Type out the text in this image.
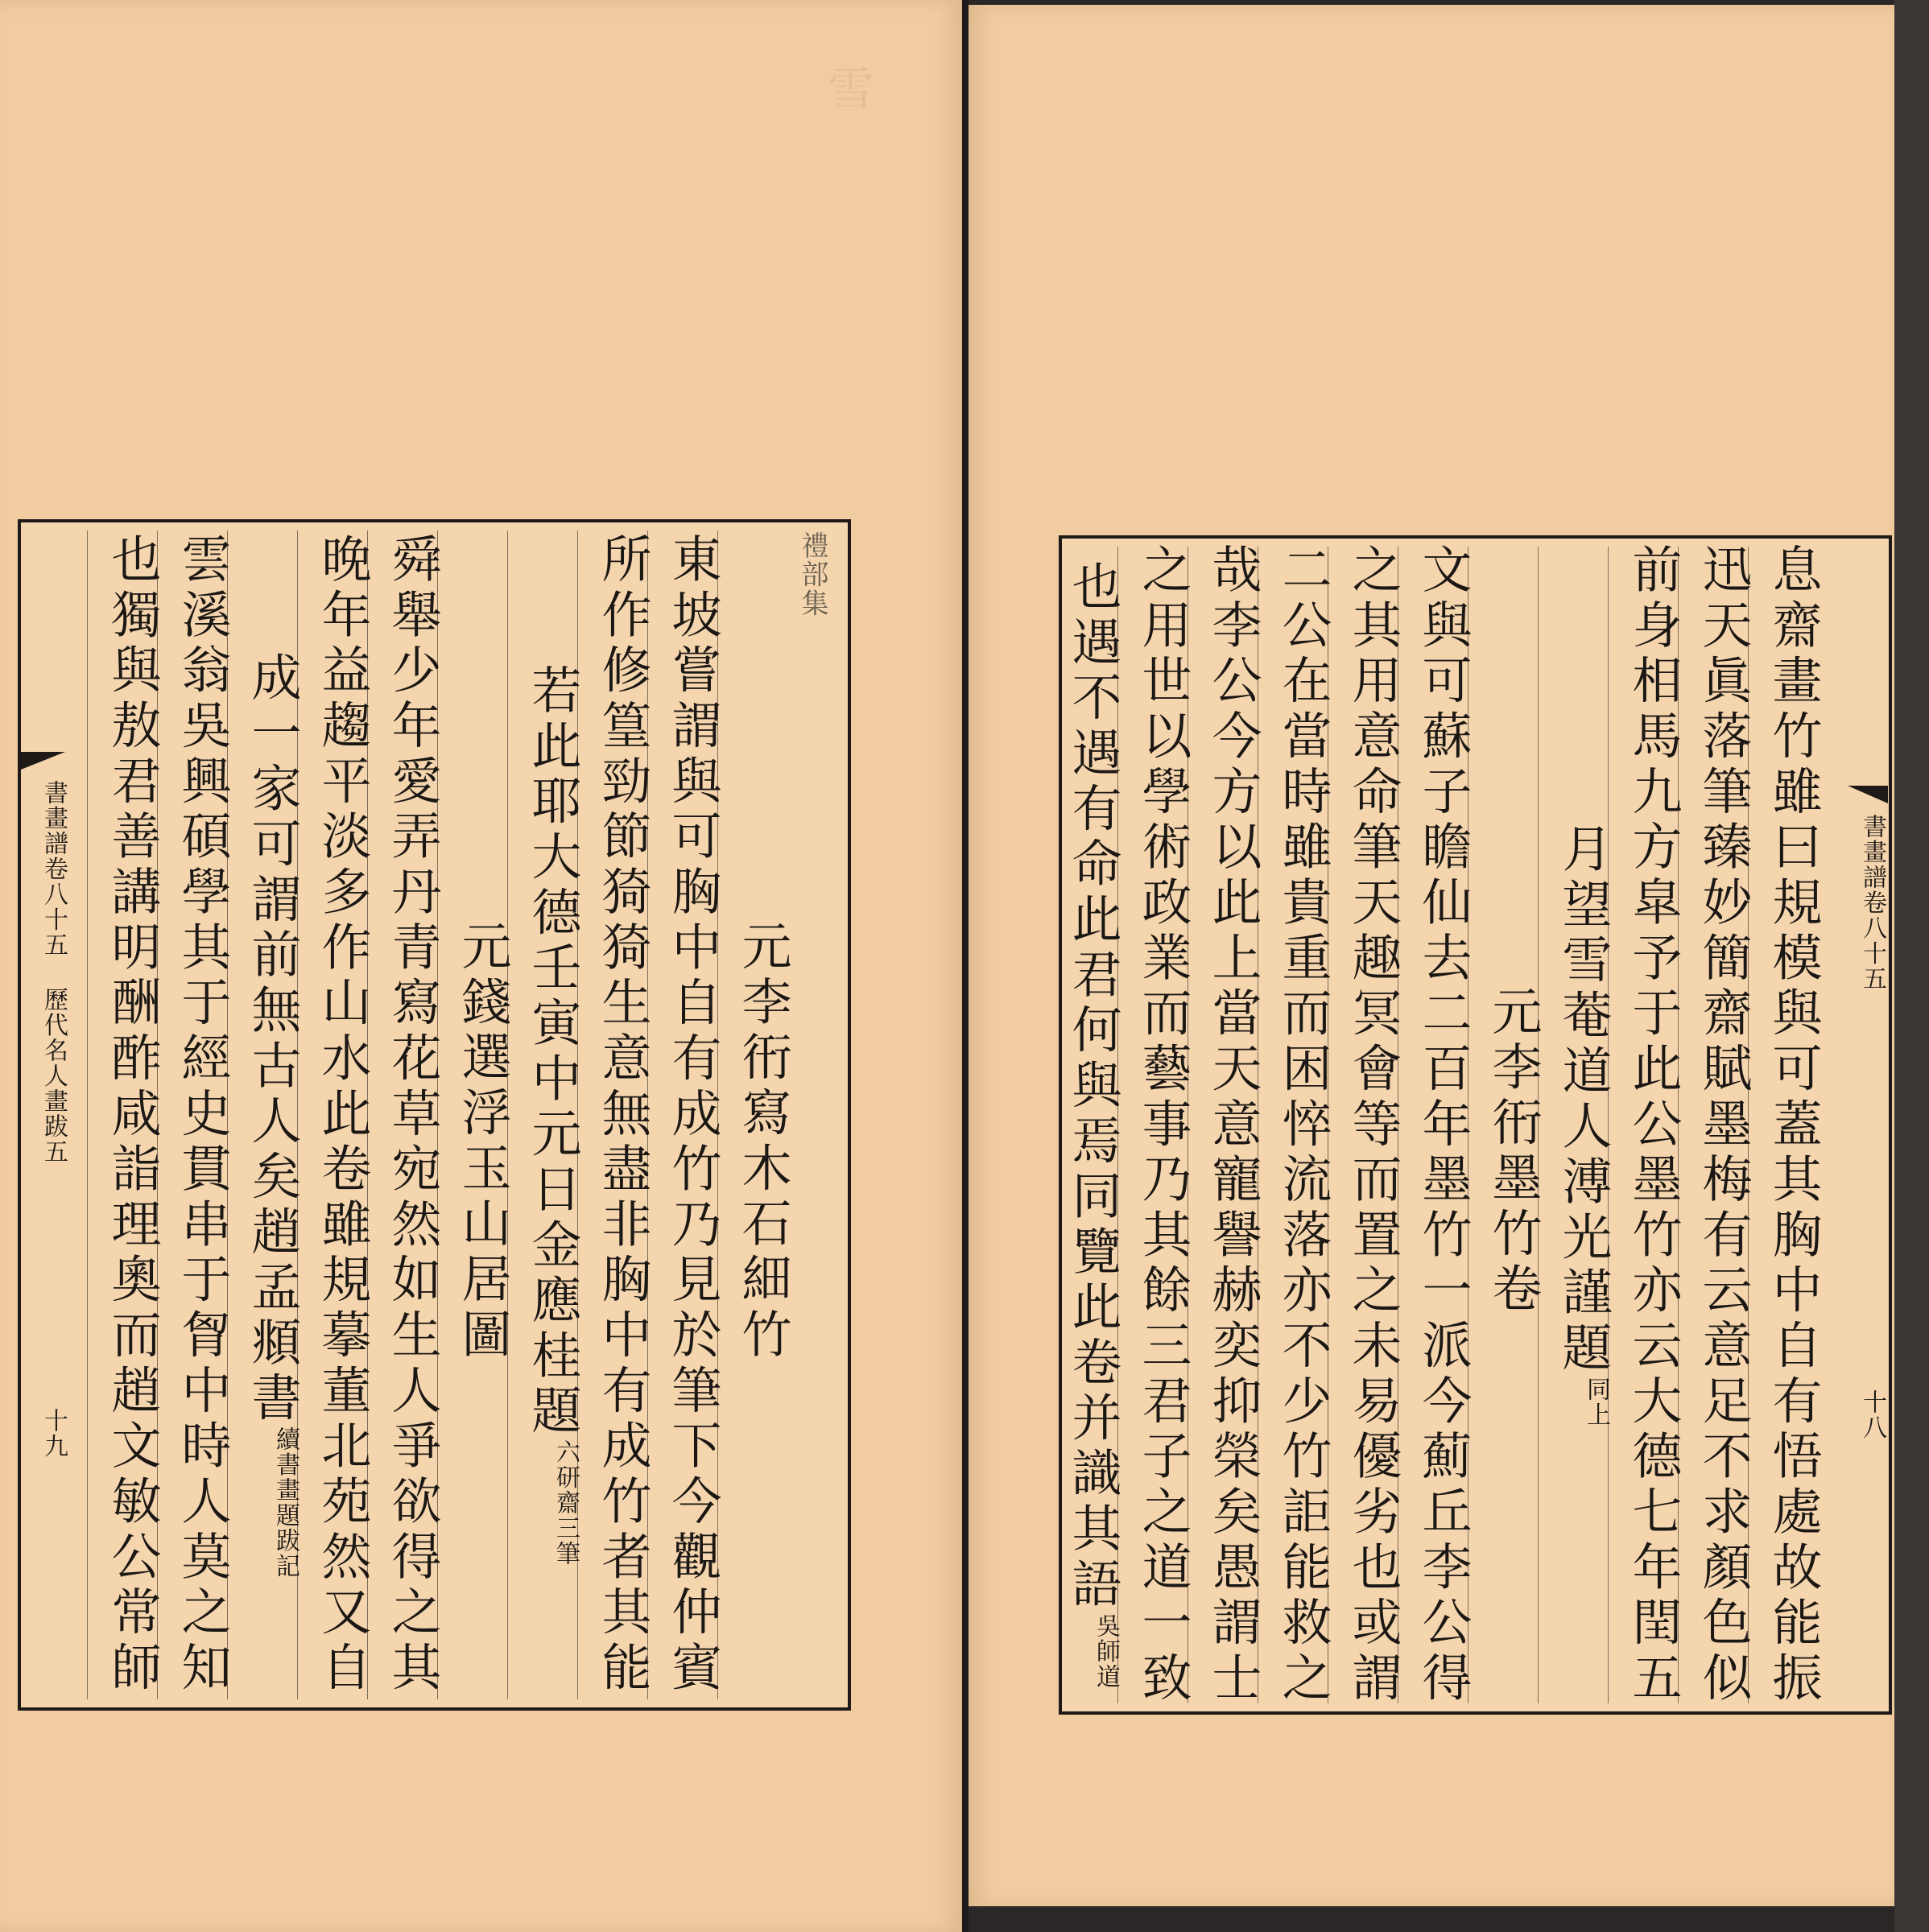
雪
禮部集
元李衎寫木石細竹
東坡嘗謂與可胸中自有成竹乃見於筆下今觀仲賓
所作修篁勁節猗猗生意無盡非胸中有成竹者其能
若此耶大德壬寅中元日金應桂題
六研齋三筆
元錢選浮玉山居圖
舜舉少年愛弄丹青寫花草宛然如生人爭欲得之其
晚年益趨平淡多作山水此卷雖規摹董北苑然又自
成一家可謂前無古人矣趙孟頫書
續書畫題跋記
雲溪翁吳興碩學其于經史貫串于胷中時人莫之知
也獨與敖君善講明酬酢咸詣理奧而趙文敏公常師
書畫譜卷八十五 歷代名人畫跋五
十九	息齋畫竹雖曰規模與可蓋其胸中自有悟處故能振
迅天眞落筆臻妙簡齋賦墨梅有云意足不求顏色似
前身相馬九方皐予于此公墨竹亦云大德七年閏五
月望雪菴道人溥光謹題
同上
元李衎墨竹卷
文與可蘇子瞻仙去二百年墨竹一派今薊丘李公得
之其用意命筆天趣冥會等而置之未易優劣也或謂
二公在當時雖貴重而困悴流落亦不少竹詎能救之
哉李公今方以此上當天意寵譽赫奕抑榮矣愚謂士
之用世以學術政業而藝事乃其餘三君子之道一致
也遇不遇有命此君何與焉同覽此卷并識其語
吳師道
書畫譜卷八十五
十八
